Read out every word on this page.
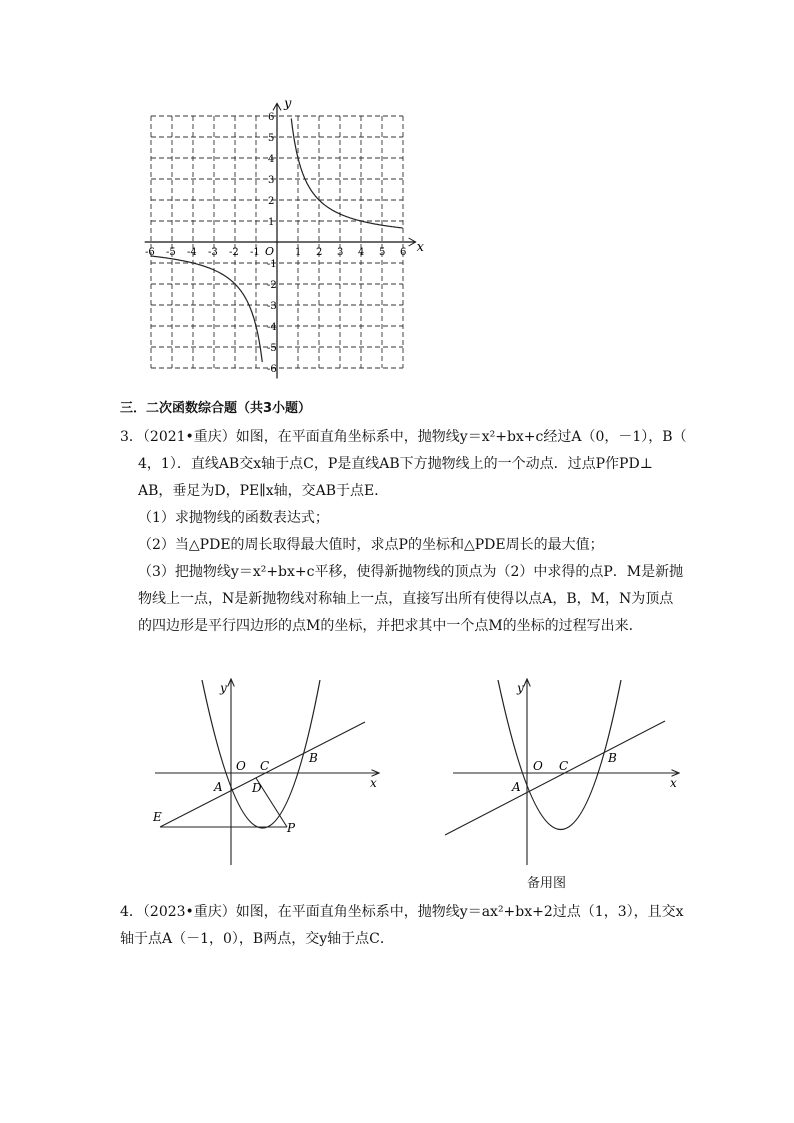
-6 -5 -4 -3 -2 -1	1 2 3 4 5 6
6
5
4
3
2
1
-1
-2
-3
-4
-5
-6
x
y
O
三．二次函数综合题（共3小题）
3．（2021•重庆）如图，在平面直角坐标系中，抛物线y＝x²+bx+c经过A（0，－1），B（
4，1）．直线AB交x轴于点C，P是直线AB下方抛物线上的一个动点．过点P作PD⊥
AB，垂足为D，PE∥x轴，交AB于点E．
（1）求抛物线的函数表达式；
（2）当△PDE的周长取得最大值时，求点P的坐标和△PDE周长的最大值；
（3）把抛物线y＝x²+bx+c平移，使得新抛物线的顶点为（2）中求得的点P．M是新抛
物线上一点，N是新抛物线对称轴上一点，直接写出所有使得以点A，B，M，N为顶点
的四边形是平行四边形的点M的坐标，并把求其中一个点M的坐标的过程写出来．
y
x
O C
B
A D
E
P
y
x
O C
B
A
备用图
4．（2023•重庆）如图，在平面直角坐标系中，抛物线y＝ax²+bx+2过点（1，3），且交x
轴于点A（－1，0），B两点，交y轴于点C．
